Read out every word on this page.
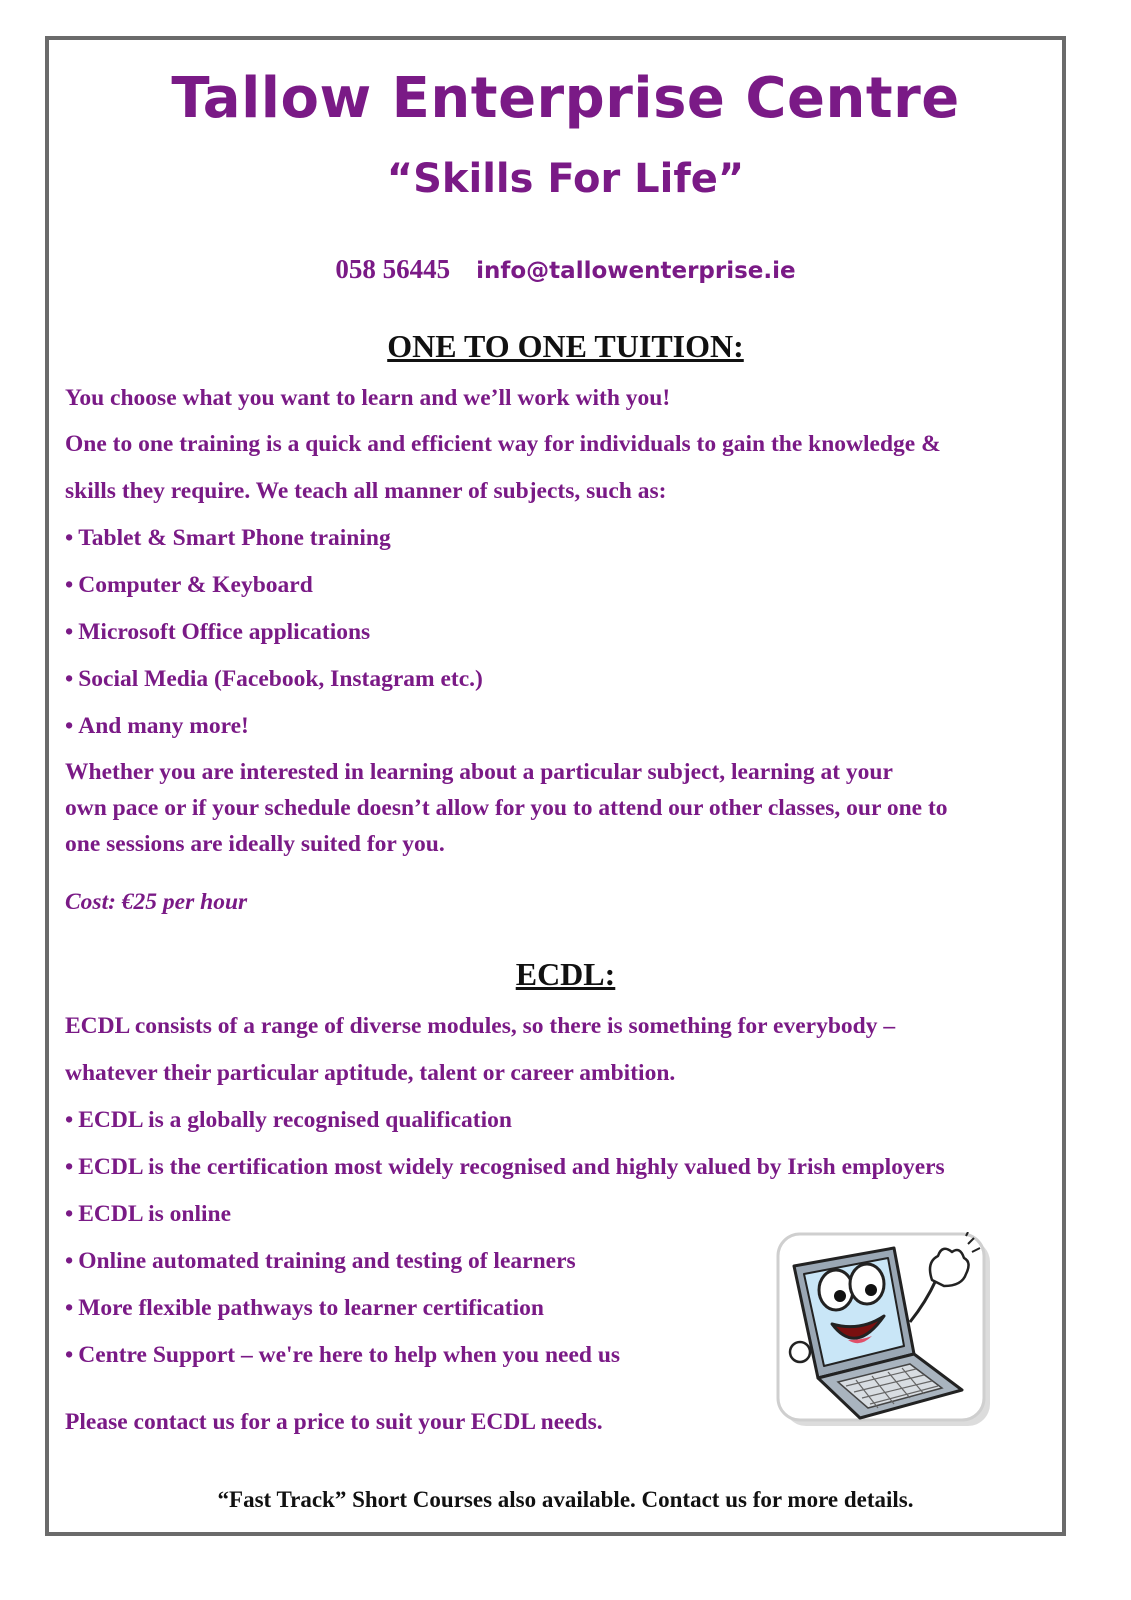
Tallow Enterprise Centre
“Skills For Life”
058 56445 info@tallowenterprise.ie
ONE TO ONE TUITION:
You choose what you want to learn and we’ll work with you!
One to one training is a quick and efficient way for individuals to gain the knowledge &
skills they require. We teach all manner of subjects, such as:
• Tablet & Smart Phone training
• Computer & Keyboard
• Microsoft Office applications
• Social Media (Facebook, Instagram etc.)
• And many more!
Whether you are interested in learning about a particular subject, learning at your
own pace or if your schedule doesn’t allow for you to attend our other classes, our one to
one sessions are ideally suited for you.
Cost: €25 per hour
ECDL:
ECDL consists of a range of diverse modules, so there is something for everybody –
whatever their particular aptitude, talent or career ambition.
• ECDL is a globally recognised qualification
• ECDL is the certification most widely recognised and highly valued by Irish employers
• ECDL is online
• Online automated training and testing of learners
• More flexible pathways to learner certification
• Centre Support – we're here to help when you need us
Please contact us for a price to suit your ECDL needs.
“Fast Track” Short Courses also available. Contact us for more details.
